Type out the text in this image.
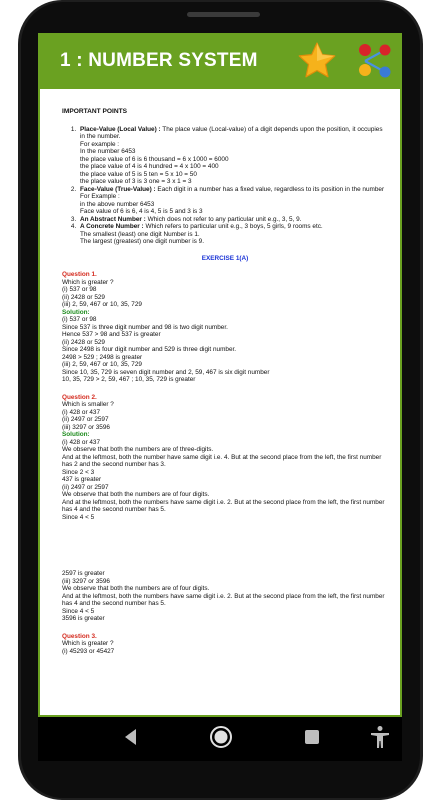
1 : NUMBER SYSTEM
IMPORTANT POINTS
1. Place-Value (Local Value) : The place value (Local-value) of a digit depends upon the position, it occupies in the number.
For example :
In the number 6453
the place value of 6 is 6 thousand = 6 x 1000 = 6000
the place value of 4 is 4 hundred = 4 x 100 = 400
the place value of 5 is 5 ten = 5 x 10 = 50
the place value of 3 is 3 one = 3 x 1 = 3
2. Face-Value (True-Value) : Each digit in a number has a fixed value, regardless to its position in the number
For Example :
in the above number 6453
Face value of 6 is 6, 4 is 4, 5 is 5 and 3 is 3
3. An Abstract Number : Which does not refer to any particular unit e.g., 3, 5, 9.
4. A Concrete Number : Which refers to particular unit e.g., 3 boys, 5 girls, 9 rooms etc.
The smallest (least) one digit Number is 1.
The largest (greatest) one digit number is 9.
EXERCISE 1(A)
Question 1.
Which is greater ?
(i) 537 or 98
(ii) 2428 or 529
(iii) 2, 59, 467 or 10, 35, 729
Solution:
(i) 537 or 98
Since 537 is three digit number and 98 is two digit number.
Hence 537 > 98 and 537 is greater
(ii) 2428 or 529
Since 2498 is four digit number and 529 is three digit number.
2498 > 529 ; 2498 is greater
(iii) 2, 59, 467 or 10, 35, 729
Since 10, 35, 729 is seven digit number and 2, 59, 467 is six digit number
10, 35, 729 > 2, 59, 467 ; 10, 35, 729 is greater
Question 2.
Which is smaller ?
(i) 428 or 437
(ii) 2497 or 2597
(iii) 3297 or 3596
Solution:
(i) 428 or 437
We observe that both the numbers are of three-digits.
And at the leftmost, both the number have same digit i.e. 4. But at the second place from the left, the first number has 2 and the second number has 3.
Since 2 < 3
437 is greater
(ii) 2497 or 2597
We observe that both the numbers are of four digits.
And at the leftmost, both the numbers have same digit i.e. 2. But at the second place from the left, the first number has 4 and the second number has 5.
Since 4 < 5
2597 is greater
(iii) 3297 or 3596
We observe that both the numbers are of four digits.
And at the leftmost, both the numbers have same digit i.e. 2. But at the second place from the left, the first number has 4 and the second number has 5.
Since 4 < 5
3596 is greater
Question 3.
Which is greater ?
(i) 45293 or 45427
